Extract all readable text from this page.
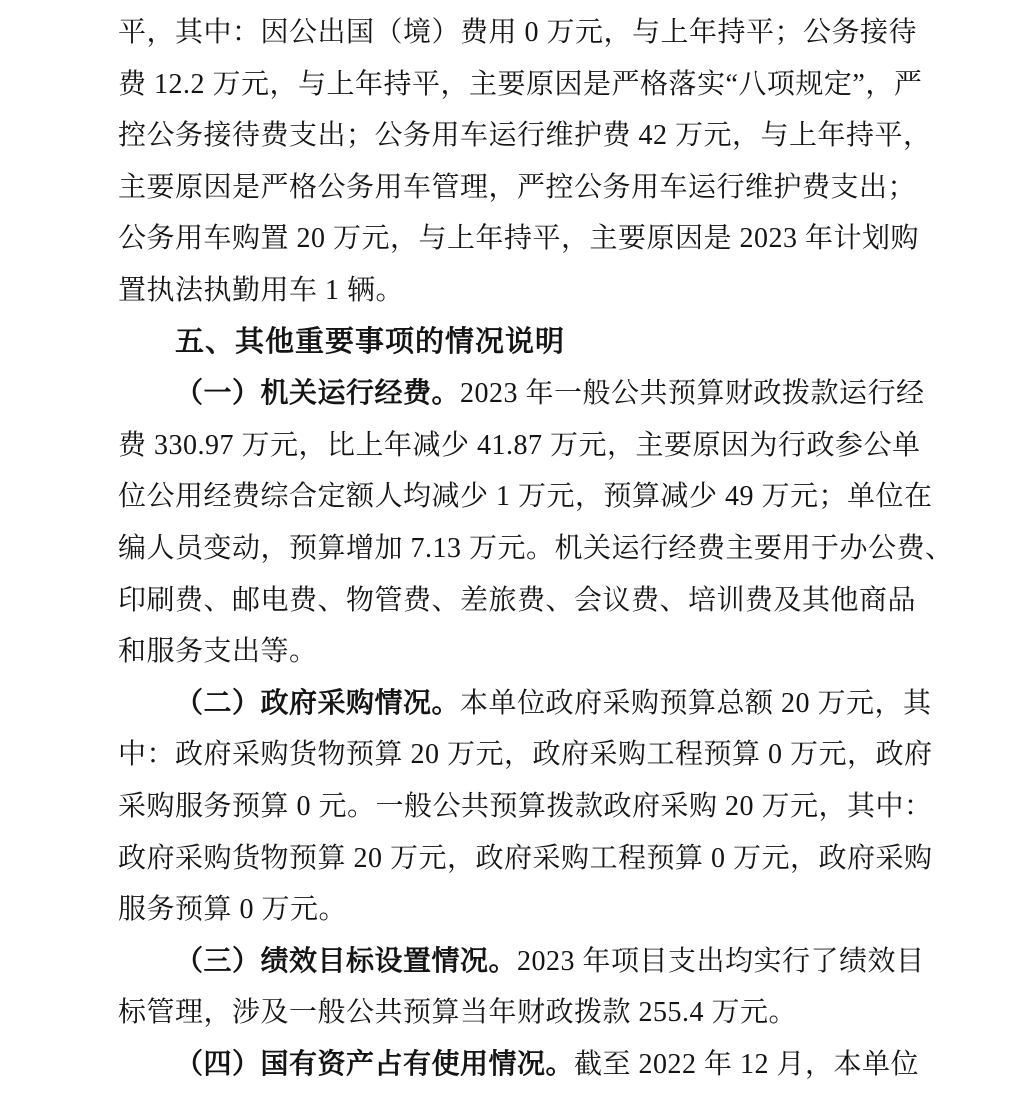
平，其中：因公出国（境）费用 0 万元，与上年持平；公务接待
费 12.2 万元，与上年持平，主要原因是严格落实“八项规定”，严
控公务接待费支出；公务用车运行维护费 42 万元，与上年持平，
主要原因是严格公务用车管理，严控公务用车运行维护费支出；
公务用车购置 20 万元，与上年持平，主要原因是 2023 年计划购
置执法执勤用车 1 辆。
五、其他重要事项的情况说明
（一）机关运行经费。2023 年一般公共预算财政拨款运行经
费 330.97 万元，比上年减少 41.87 万元，主要原因为行政参公单
位公用经费综合定额人均减少 1 万元，预算减少 49 万元；单位在
编人员变动，预算增加 7.13 万元。机关运行经费主要用于办公费、
印刷费、邮电费、物管费、差旅费、会议费、培训费及其他商品
和服务支出等。
（二）政府采购情况。本单位政府采购预算总额 20 万元，其
中：政府采购货物预算 20 万元，政府采购工程预算 0 万元，政府
采购服务预算 0 元。一般公共预算拨款政府采购 20 万元，其中：
政府采购货物预算 20 万元，政府采购工程预算 0 万元，政府采购
服务预算 0 万元。
（三）绩效目标设置情况。2023 年项目支出均实行了绩效目
标管理，涉及一般公共预算当年财政拨款 255.4 万元。
（四）国有资产占有使用情况。截至 2022 年 12 月，本单位
